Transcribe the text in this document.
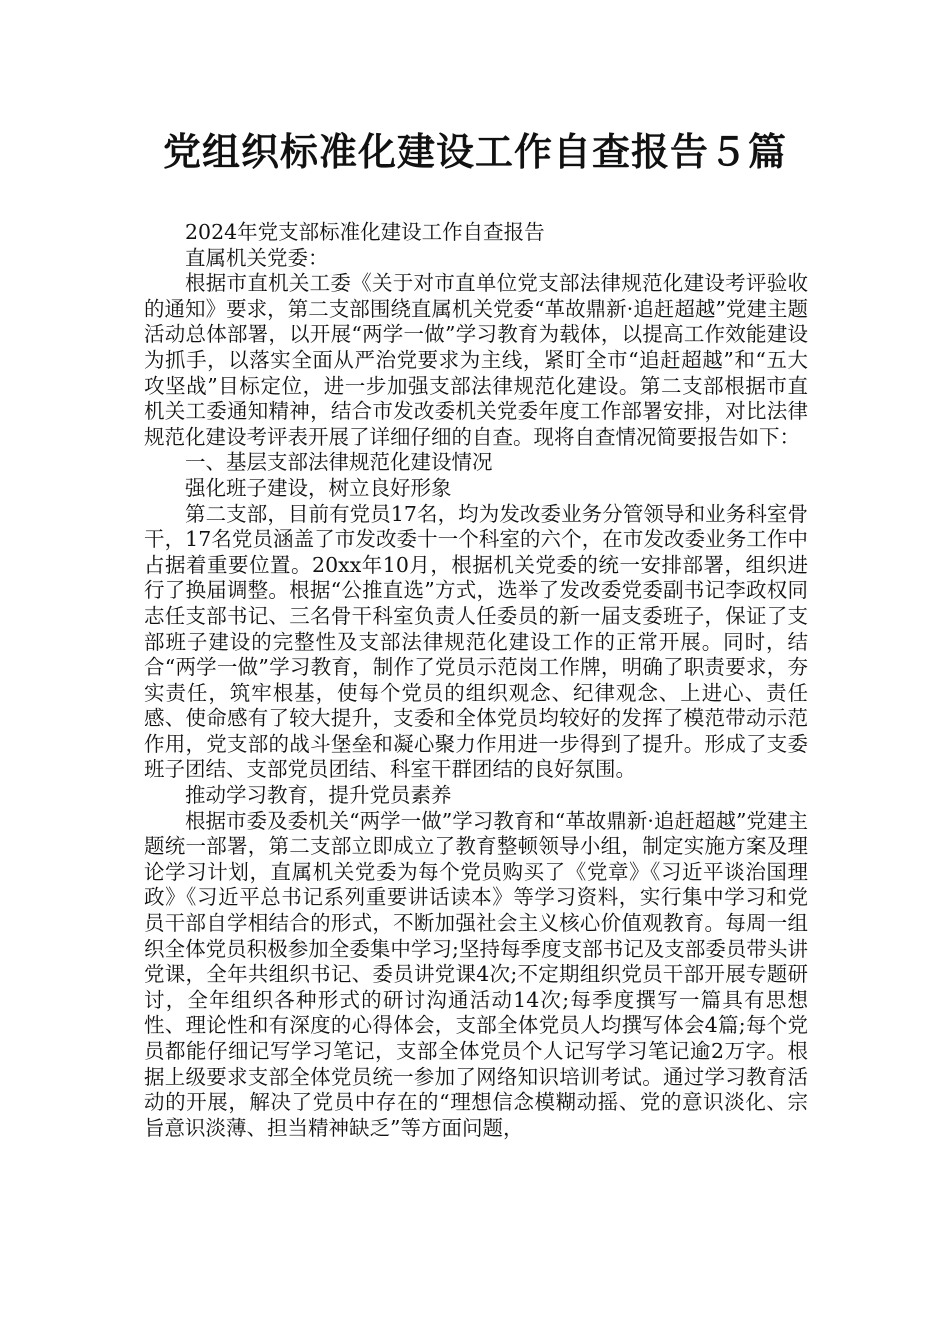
党组织标准化建设工作自查报告５篇

2024年党支部标准化建设工作自查报告

直属机关党委：

根据市直机关工委《关于对市直单位党支部法律规范化建设考评验收的通知》要求，第二支部围绕直属机关党委“革故鼎新·追赶超越”党建主题活动总体部署，以开展“两学一做”学习教育为载体，以提高工作效能建设为抓手，以落实全面从严治党要求为主线，紧盯全市“追赶超越”和“五大攻坚战”目标定位，进一步加强支部法律规范化建设。第二支部根据市直机关工委通知精神，结合市发改委机关党委年度工作部署安排，对比法律规范化建设考评表开展了详细仔细的自查。现将自查情况简要报告如下：

一、基层支部法律规范化建设情况

强化班子建设，树立良好形象

第二支部，目前有党员17名，均为发改委业务分管领导和业务科室骨干，17名党员涵盖了市发改委十一个科室的六个，在市发改委业务工作中占据着重要位置。20xx年10月，根据机关党委的统一安排部署，组织进行了换届调整。根据“公推直选”方式，选举了发改委党委副书记李政权同志任支部书记、三名骨干科室负责人任委员的新一届支委班子，保证了支部班子建设的完整性及支部法律规范化建设工作的正常开展。同时，结合“两学一做”学习教育，制作了党员示范岗工作牌，明确了职责要求，夯实责任，筑牢根基，使每个党员的组织观念、纪律观念、上进心、责任感、使命感有了较大提升，支委和全体党员均较好的发挥了模范带动示范作用，党支部的战斗堡垒和凝心聚力作用进一步得到了提升。形成了支委班子团结、支部党员团结、科室干群团结的良好氛围。

推动学习教育，提升党员素养

根据市委及委机关“两学一做”学习教育和“革故鼎新·追赶超越”党建主题统一部署，第二支部立即成立了教育整顿领导小组，制定实施方案及理论学习计划，直属机关党委为每个党员购买了《党章》《习近平谈治国理政》《习近平总书记系列重要讲话读本》等学习资料，实行集中学习和党员干部自学相结合的形式，不断加强社会主义核心价值观教育。每周一组织全体党员积极参加全委集中学习;坚持每季度支部书记及支部委员带头讲党课，全年共组织书记、委员讲党课4次;不定期组织党员干部开展专题研讨，全年组织各种形式的研讨沟通活动14次;每季度撰写一篇具有思想性、理论性和有深度的心得体会，支部全体党员人均撰写体会4篇;每个党员都能仔细记写学习笔记，支部全体党员个人记写学习笔记逾2万字。根据上级要求支部全体党员统一参加了网络知识培训考试。通过学习教育活动的开展，解决了党员中存在的“理想信念模糊动摇、党的意识淡化、宗旨意识淡薄、担当精神缺乏”等方面问题，
